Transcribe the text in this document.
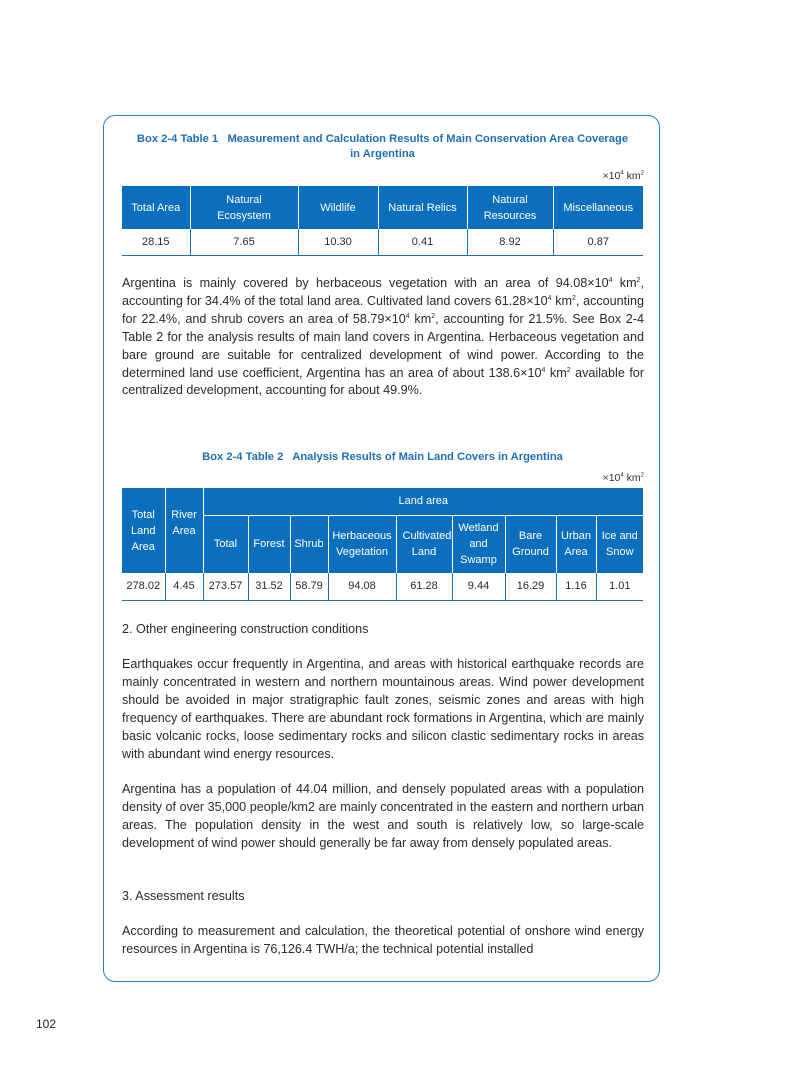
Box 2-4 Table 1   Measurement and Calculation Results of Main Conservation Area Coverage
in Argentina
$\times 10^4$ $km^2$
Total Area	Natural Ecosystem	Wildlife	Natural Relics	Natural Resources	Miscellaneous
28.15	7.65	10.30	0.41	8.92	0.87
Argentina is mainly covered by herbaceous vegetation with an area of $94.08\times 10^4$ $km^2$, accounting for 34.4% of the total land area. Cultivated land covers $61.28\times 10^4$ $km^2$, accounting for 22.4%, and shrub covers an area of $58.79\times 10^4$ $km^2$, accounting for 21.5%. See Box 2-4 Table 2 for the analysis results of main land covers in Argentina. Herbaceous vegetation and bare ground are suitable for centralized development of wind power. According to the determined land use coefficient, Argentina has an area of about $138.6\times 10^4$ $km^2$ available for centralized development, accounting for about 49.9%.
Box 2-4 Table 2   Analysis Results of Main Land Covers in Argentina
$\times 10^4$ $km^2$
Total Land Area	River Area	Land area								
		Total	Forest	Shrub	Herbaceous Vegetation	Cultivated Land	Wetland and Swamp	Bare Ground	Urban Area	Ice and Snow
278.02	4.45	273.57	31.52	58.79	94.08	61.28	9.44	16.29	1.16	1.01
2. Other engineering construction conditions
Earthquakes occur frequently in Argentina, and areas with historical earthquake records are mainly concentrated in western and northern mountainous areas. Wind power development should be avoided in major stratigraphic fault zones, seismic zones and areas with high frequency of earthquakes. There are abundant rock formations in Argentina, which are mainly basic volcanic rocks, loose sedimentary rocks and silicon clastic sedimentary rocks in areas with abundant wind energy resources.
Argentina has a population of 44.04 million, and densely populated areas with a population density of over 35,000 people/km2 are mainly concentrated in the eastern and northern urban areas. The population density in the west and south is relatively low, so large-scale development of wind power should generally be far away from densely populated areas.
3. Assessment results
According to measurement and calculation, the theoretical potential of onshore wind energy resources in Argentina is 76,126.4 TWH/a; the technical potential installed
102
